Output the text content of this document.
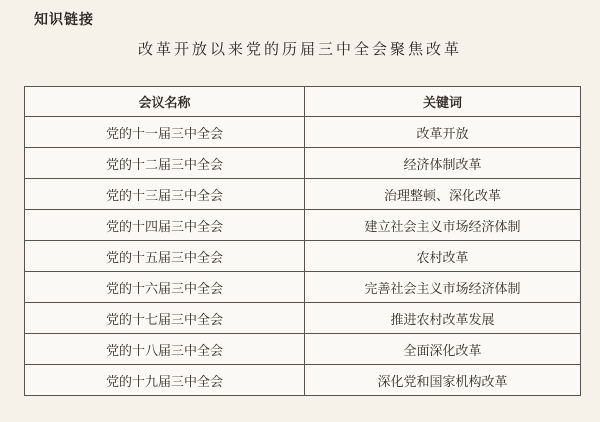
知识链接
改革开放以来党的历届三中全会聚焦改革
会议名称	关键词
党的十一届三中全会	改革开放
党的十二届三中全会	经济体制改革
党的十三届三中全会	治理整顿、深化改革
党的十四届三中全会	建立社会主义市场经济体制
党的十五届三中全会	农村改革
党的十六届三中全会	完善社会主义市场经济体制
党的十七届三中全会	推进农村改革发展
党的十八届三中全会	全面深化改革
党的十九届三中全会	深化党和国家机构改革
